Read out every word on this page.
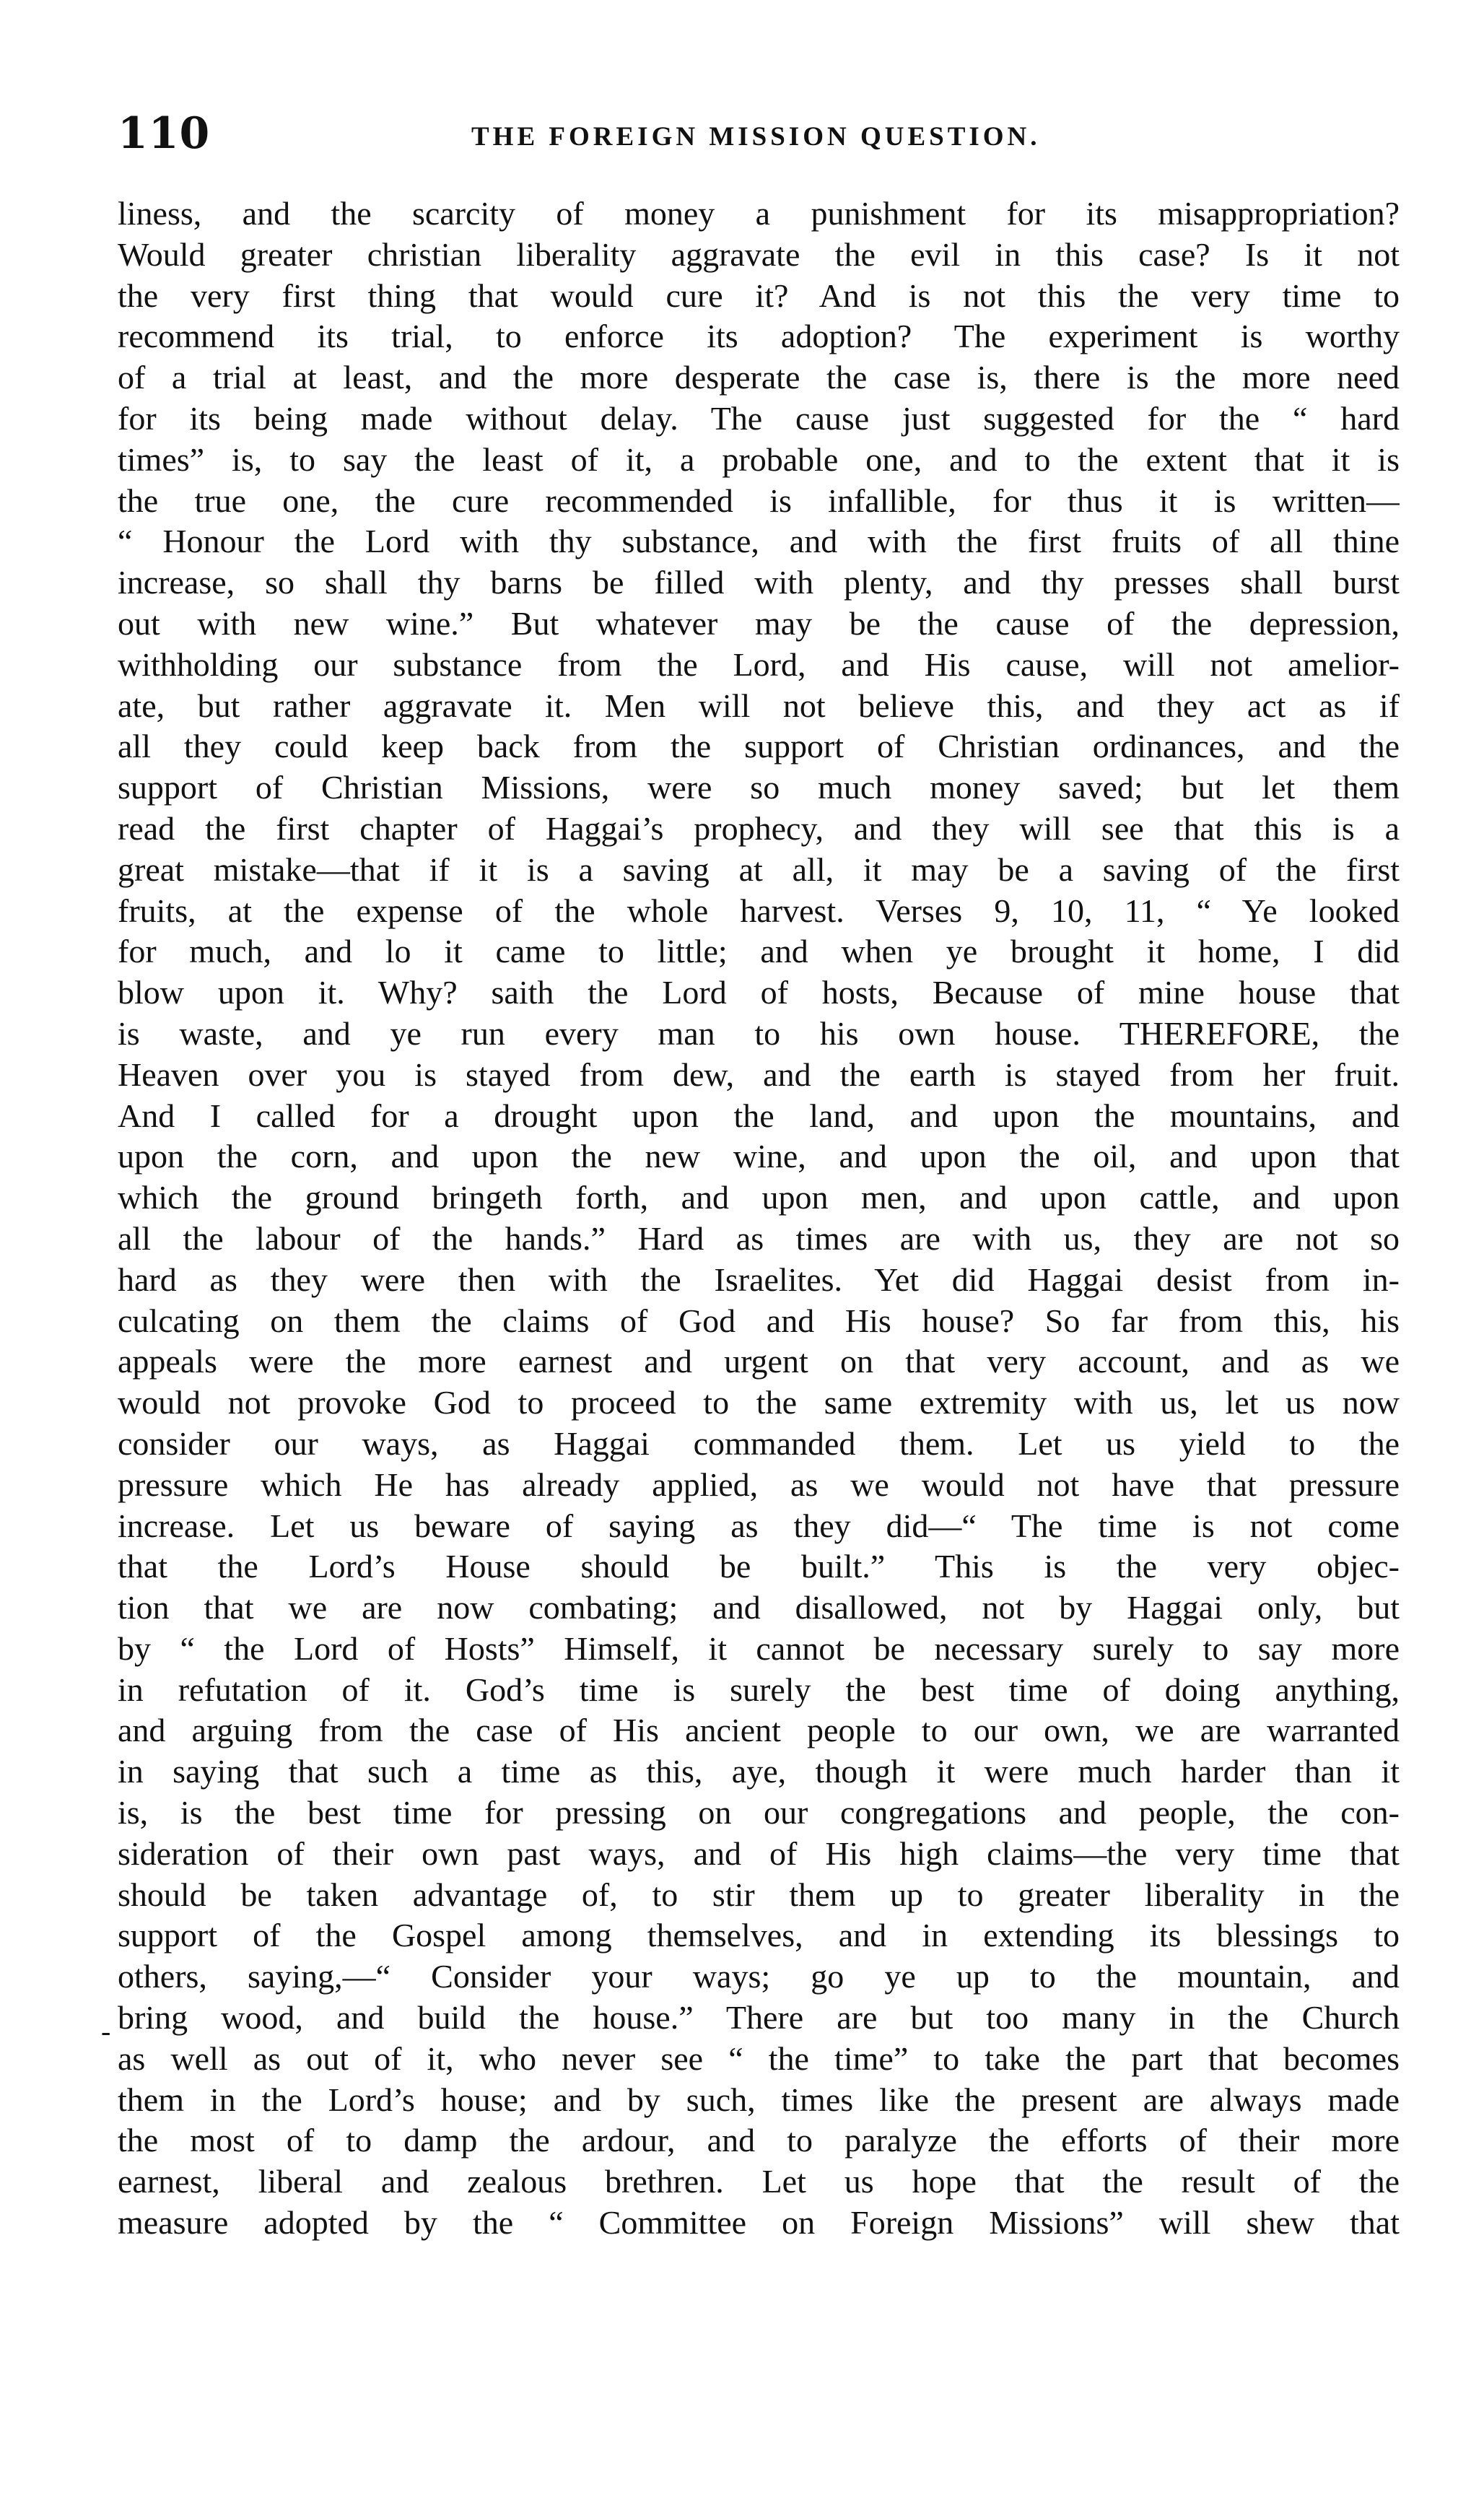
110	THE FOREIGN MISSION QUESTION.
-
liness, and the scarcity of money a punishment for its misappropriation?
Would greater christian liberality aggravate the evil in this case? Is it not
the very first thing that would cure it? And is not this the very time to
recommend its trial, to enforce its adoption? The experiment is worthy
of a trial at least, and the more desperate the case is, there is the more need
for its being made without delay. The cause just suggested for the “ hard
times” is, to say the least of it, a probable one, and to the extent that it is
the true one, the cure recommended is infallible, for thus it is written—
“ Honour the Lord with thy substance, and with the first fruits of all thine
increase, so shall thy barns be filled with plenty, and thy presses shall burst
out with new wine.” But whatever may be the cause of the depression,
withholding our substance from the Lord, and His cause, will not amelior-
ate, but rather aggravate it. Men will not believe this, and they act as if
all they could keep back from the support of Christian ordinances, and the
support of Christian Missions, were so much money saved; but let them
read the first chapter of Haggai’s prophecy, and they will see that this is a
great mistake—that if it is a saving at all, it may be a saving of the first
fruits, at the expense of the whole harvest. Verses 9, 10, 11, “ Ye looked
for much, and lo it came to little; and when ye brought it home, I did
blow upon it. Why? saith the Lord of hosts, Because of mine house that
is waste, and ye run every man to his own house. THEREFORE, the
Heaven over you is stayed from dew, and the earth is stayed from her fruit.
And I called for a drought upon the land, and upon the mountains, and
upon the corn, and upon the new wine, and upon the oil, and upon that
which the ground bringeth forth, and upon men, and upon cattle, and upon
all the labour of the hands.” Hard as times are with us, they are not so
hard as they were then with the Israelites. Yet did Haggai desist from in-
culcating on them the claims of God and His house? So far from this, his
appeals were the more earnest and urgent on that very account, and as we
would not provoke God to proceed to the same extremity with us, let us now
consider our ways, as Haggai commanded them. Let us yield to the
pressure which He has already applied, as we would not have that pressure
increase. Let us beware of saying as they did—“ The time is not come
that the Lord’s House should be built.” This is the very objec-
tion that we are now combating; and disallowed, not by Haggai only, but
by “ the Lord of Hosts” Himself, it cannot be necessary surely to say more
in refutation of it. God’s time is surely the best time of doing anything,
and arguing from the case of His ancient people to our own, we are warranted
in saying that such a time as this, aye, though it were much harder than it
is, is the best time for pressing on our congregations and people, the con-
sideration of their own past ways, and of His high claims—the very time that
should be taken advantage of, to stir them up to greater liberality in the
support of the Gospel among themselves, and in extending its blessings to
others, saying,—“ Consider your ways; go ye up to the mountain, and
bring wood, and build the house.” There are but too many in the Church
as well as out of it, who never see “ the time” to take the part that becomes
them in the Lord’s house; and by such, times like the present are always made
the most of to damp the ardour, and to paralyze the efforts of their more
earnest, liberal and zealous brethren. Let us hope that the result of the
measure adopted by the “ Committee on Foreign Missions” will shew that
